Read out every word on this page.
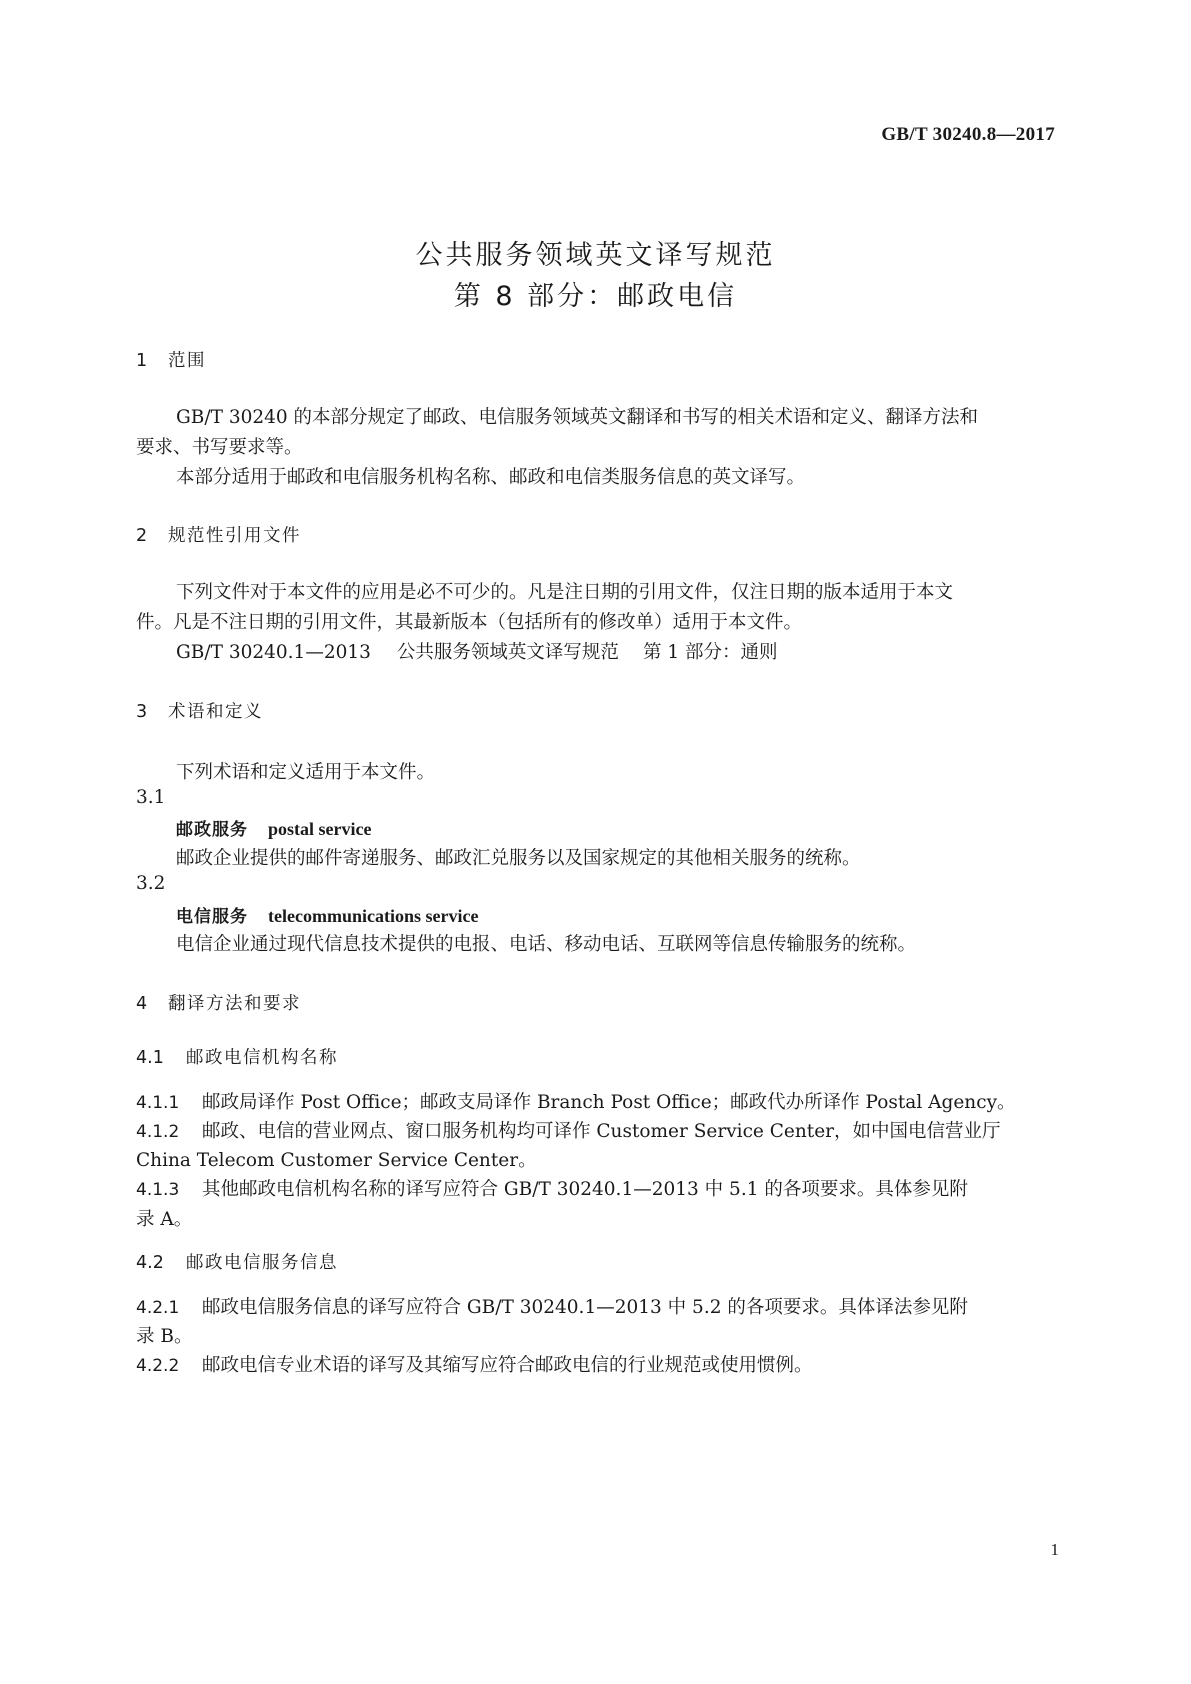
GB/T 30240.8—2017
公共服务领域英文译写规范
第 8 部分：邮政电信
1 范围
GB/T 30240 的本部分规定了邮政、电信服务领域英文翻译和书写的相关术语和定义、翻译方法和
要求、书写要求等。
本部分适用于邮政和电信服务机构名称、邮政和电信类服务信息的英文译写。
2 规范性引用文件
下列文件对于本文件的应用是必不可少的。凡是注日期的引用文件，仅注日期的版本适用于本文
件。凡是不注日期的引用文件，其最新版本（包括所有的修改单）适用于本文件。
GB/T 30240.1—2013 公共服务领域英文译写规范 第 1 部分：通则
3 术语和定义
下列术语和定义适用于本文件。
3.1
邮政服务 postal service
邮政企业提供的邮件寄递服务、邮政汇兑服务以及国家规定的其他相关服务的统称。
3.2
电信服务 telecommunications service
电信企业通过现代信息技术提供的电报、电话、移动电话、互联网等信息传输服务的统称。
4 翻译方法和要求
4.1 邮政电信机构名称
4.1.1 邮政局译作 Post Office；邮政支局译作 Branch Post Office；邮政代办所译作 Postal Agency。
4.1.2 邮政、电信的营业网点、窗口服务机构均可译作 Customer Service Center，如中国电信营业厅
China Telecom Customer Service Center。
4.1.3 其他邮政电信机构名称的译写应符合 GB/T 30240.1—2013 中 5.1 的各项要求。具体参见附
录 A。
4.2 邮政电信服务信息
4.2.1 邮政电信服务信息的译写应符合 GB/T 30240.1—2013 中 5.2 的各项要求。具体译法参见附
录 B。
4.2.2 邮政电信专业术语的译写及其缩写应符合邮政电信的行业规范或使用惯例。
1
